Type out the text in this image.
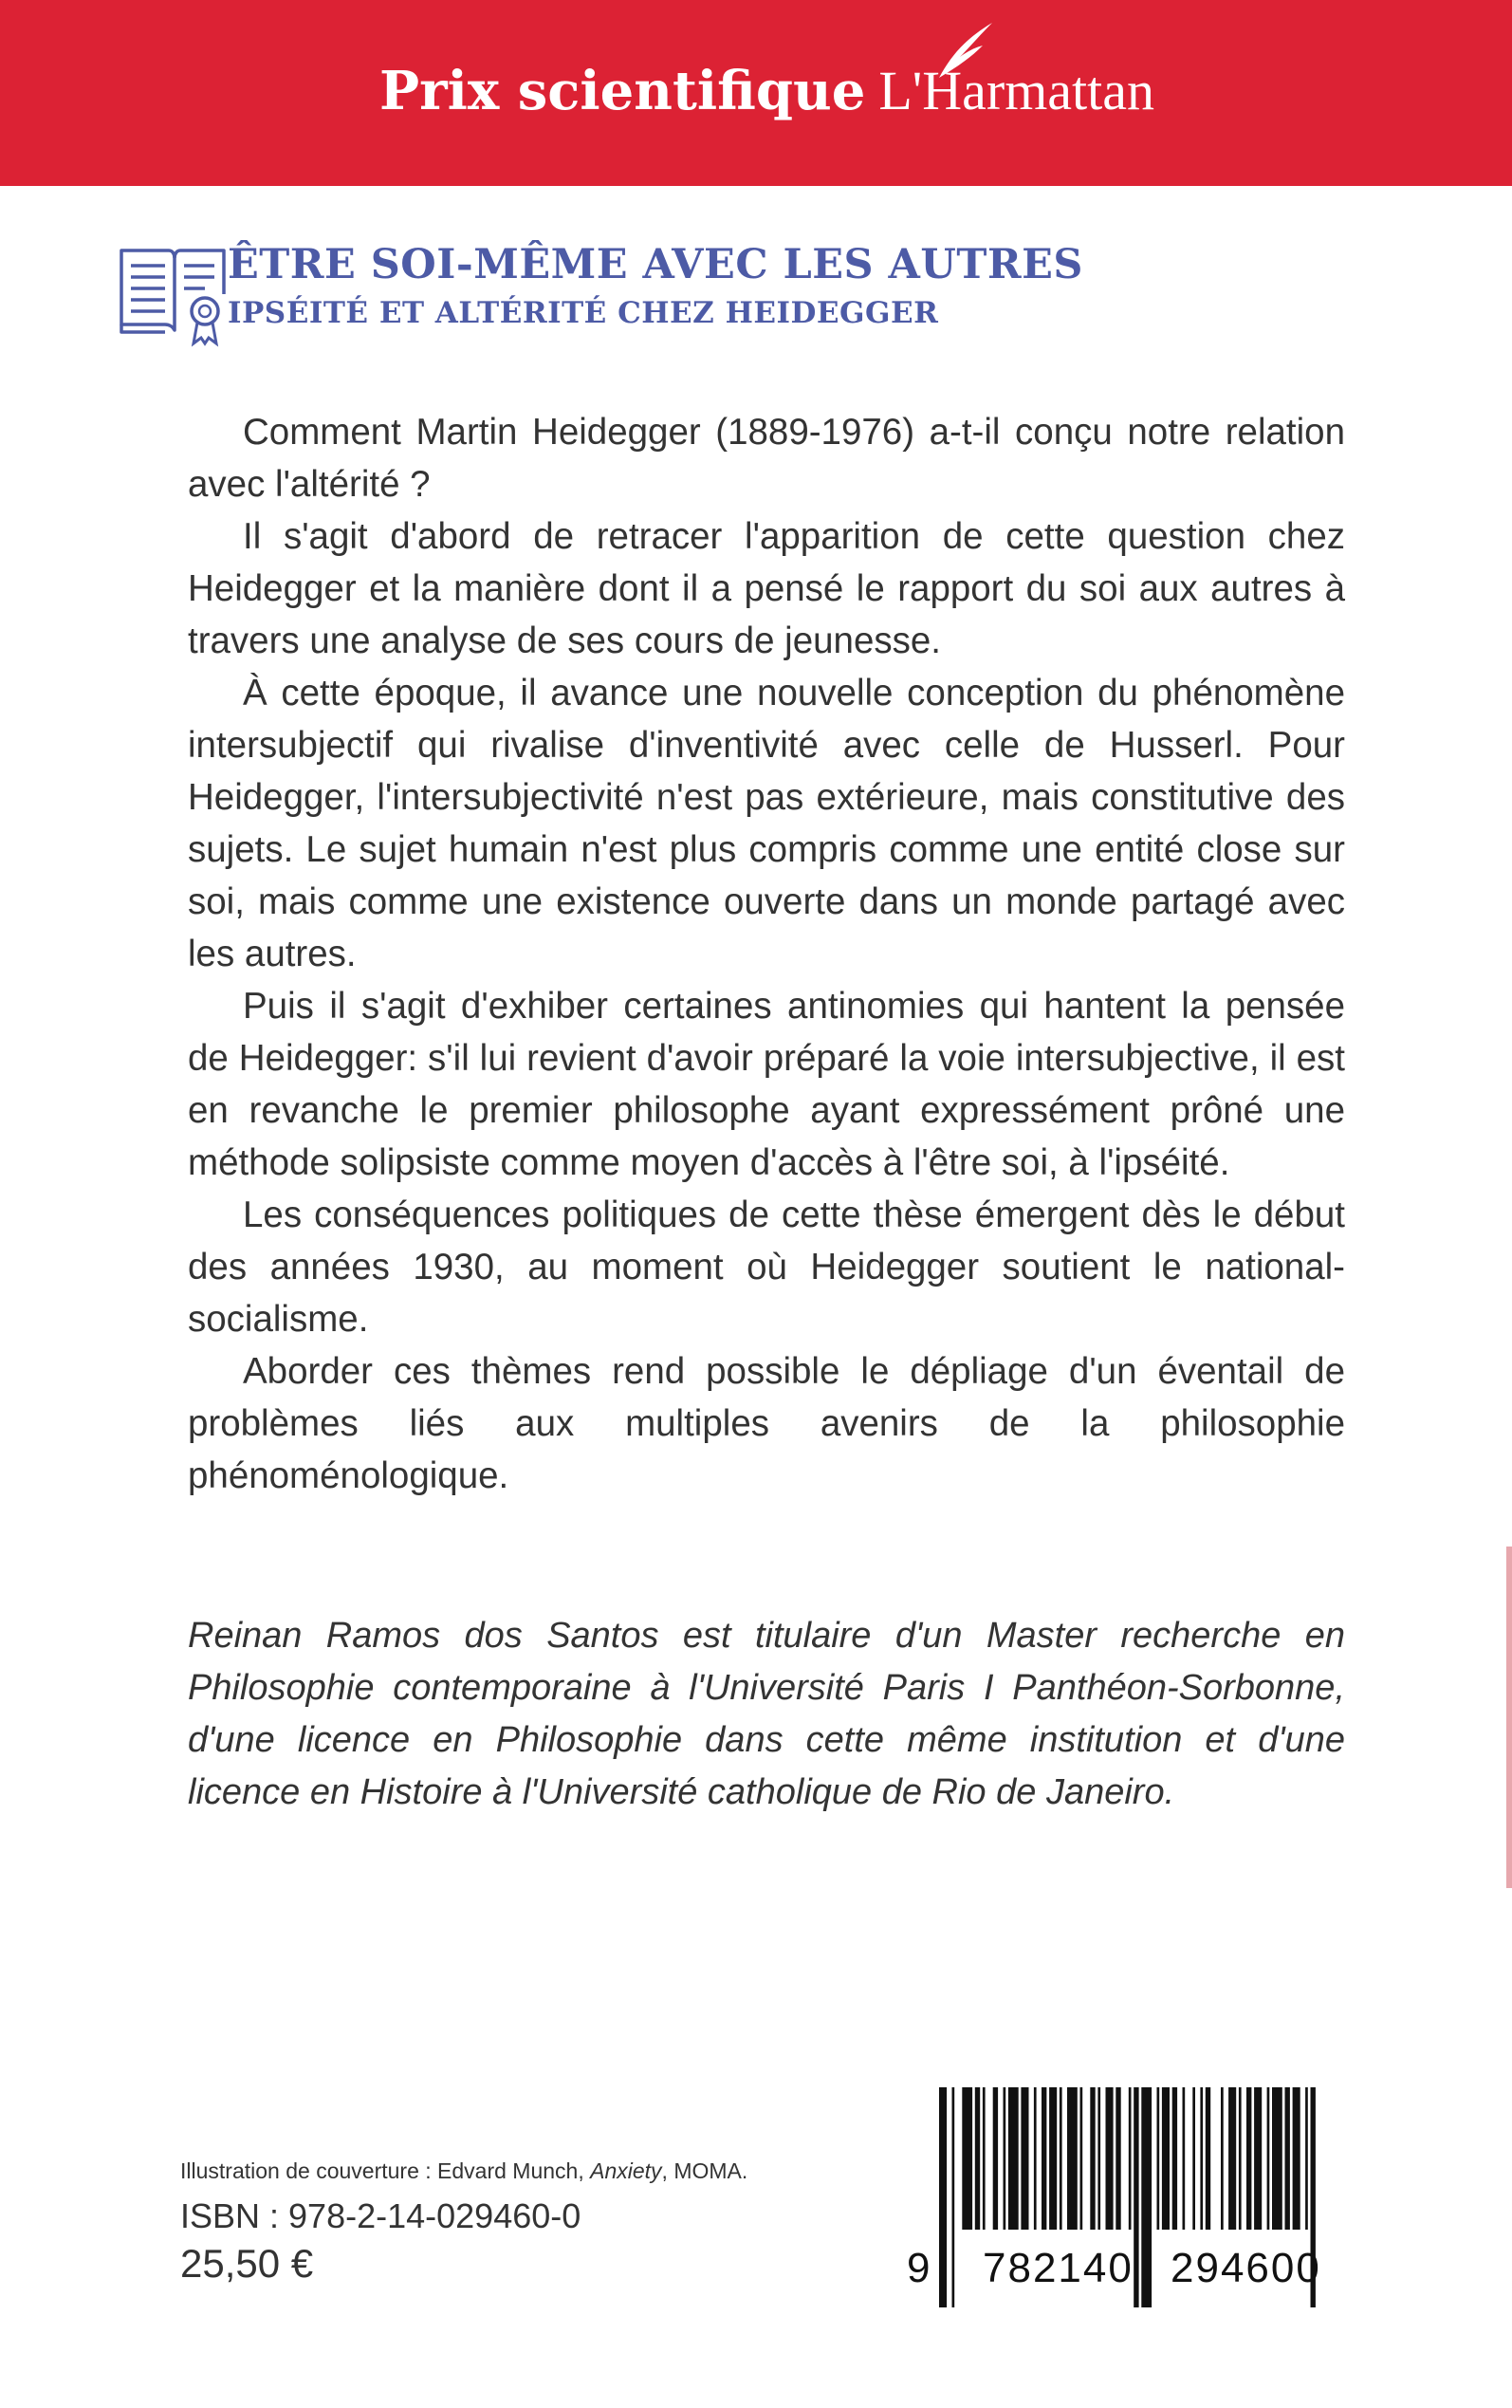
Prix scientifique L'Harmattan
ÊTRE SOI-MÊME AVEC LES AUTRES
IPSÉITÉ ET ALTÉRITÉ CHEZ HEIDEGGER

Comment Martin Heidegger (1889-1976) a-t-il conçu notre relation avec l'altérité ?

Il s'agit d'abord de retracer l'apparition de cette question chez Heidegger et la manière dont il a pensé le rapport du soi aux autres à travers une analyse de ses cours de jeunesse.

À cette époque, il avance une nouvelle conception du phénomène intersubjectif qui rivalise d'inventivité avec celle de Husserl. Pour Heidegger, l'intersubjectivité n'est pas extérieure, mais constitutive des sujets. Le sujet humain n'est plus compris comme une entité close sur soi, mais comme une existence ouverte dans un monde partagé avec les autres.

Puis il s'agit d'exhiber certaines antinomies qui hantent la pensée de Heidegger: s'il lui revient d'avoir préparé la voie intersubjective, il est en revanche le premier philosophe ayant expressément prôné une méthode solipsiste comme moyen d'accès à l'être soi, à l'ipséité.

Les conséquences politiques de cette thèse émergent dès le début des années 1930, au moment où Heidegger soutient le national-socialisme.

Aborder ces thèmes rend possible le dépliage d'un éventail de problèmes liés aux multiples avenirs de la philosophie phénoménologique.

Reinan Ramos dos Santos est titulaire d'un Master recherche en Philosophie contemporaine à l'Université Paris I Panthéon-Sorbonne, d'une licence en Philosophie dans cette même institution et d'une licence en Histoire à l'Université catholique de Rio de Janeiro.
Illustration de couverture : Edvard Munch, Anxiety, MOMA.
ISBN : 978-2-14-029460-0
25,50 €	9 782140 294600
